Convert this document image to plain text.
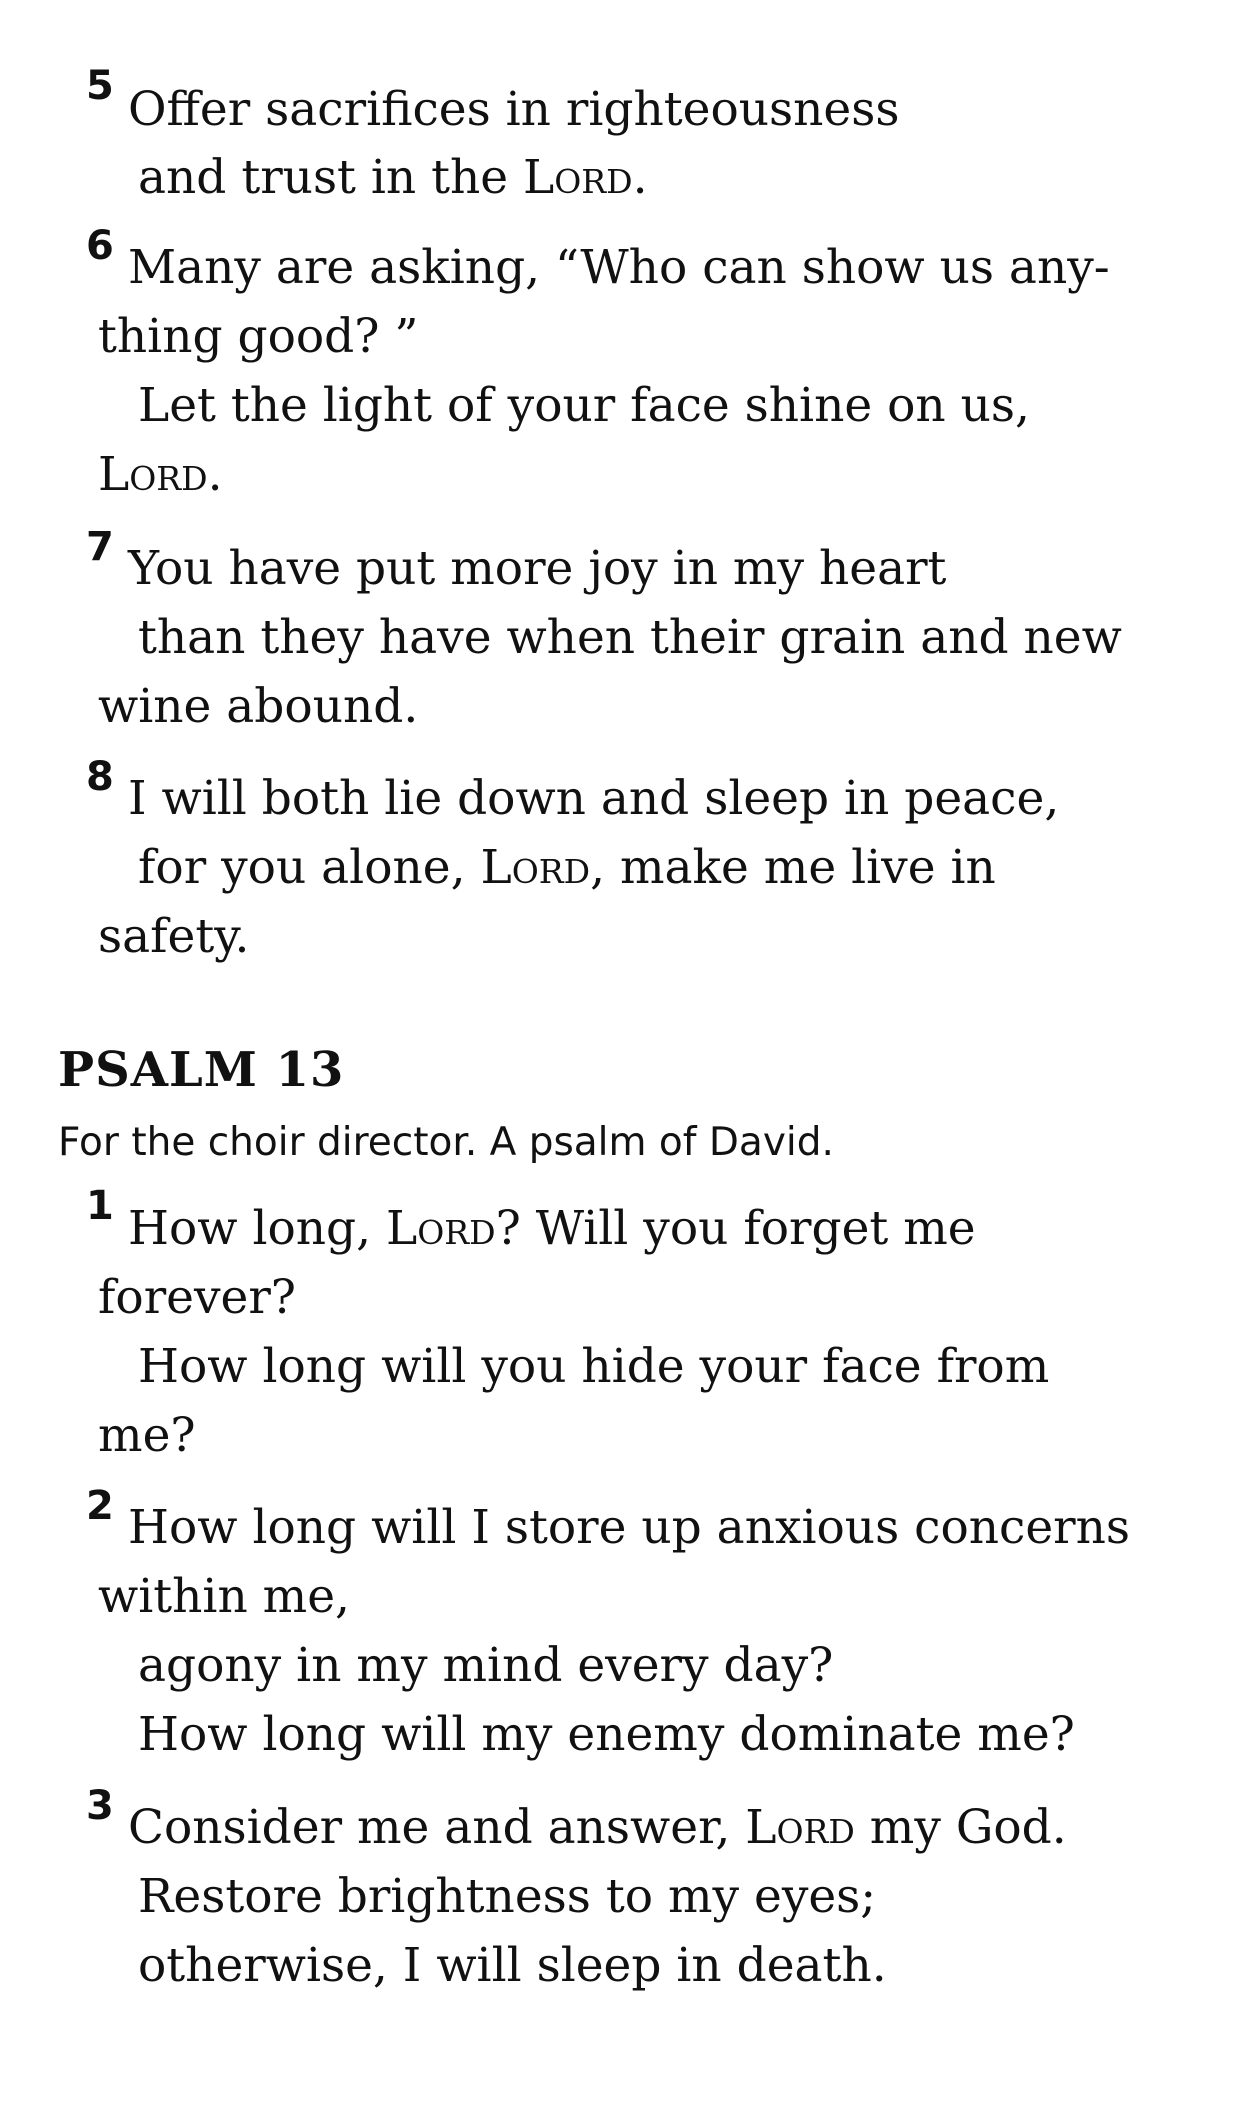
5 Offer sacrifices in righteousness
and trust in the Lord.
6 Many are asking, “Who can show us any-
thing good? ”
Let the light of your face shine on us,
Lord.
7 You have put more joy in my heart
than they have when their grain and new
wine abound.
8 I will both lie down and sleep in peace,
for you alone, Lord, make me live in
safety.
PSALM 13
For the choir director. A psalm of David.
1 How long, Lord? Will you forget me
forever?
How long will you hide your face from
me?
2 How long will I store up anxious concerns
within me,
agony in my mind every day?
How long will my enemy dominate me?
3 Consider me and answer, Lord my God.
Restore brightness to my eyes;
otherwise, I will sleep in death.
